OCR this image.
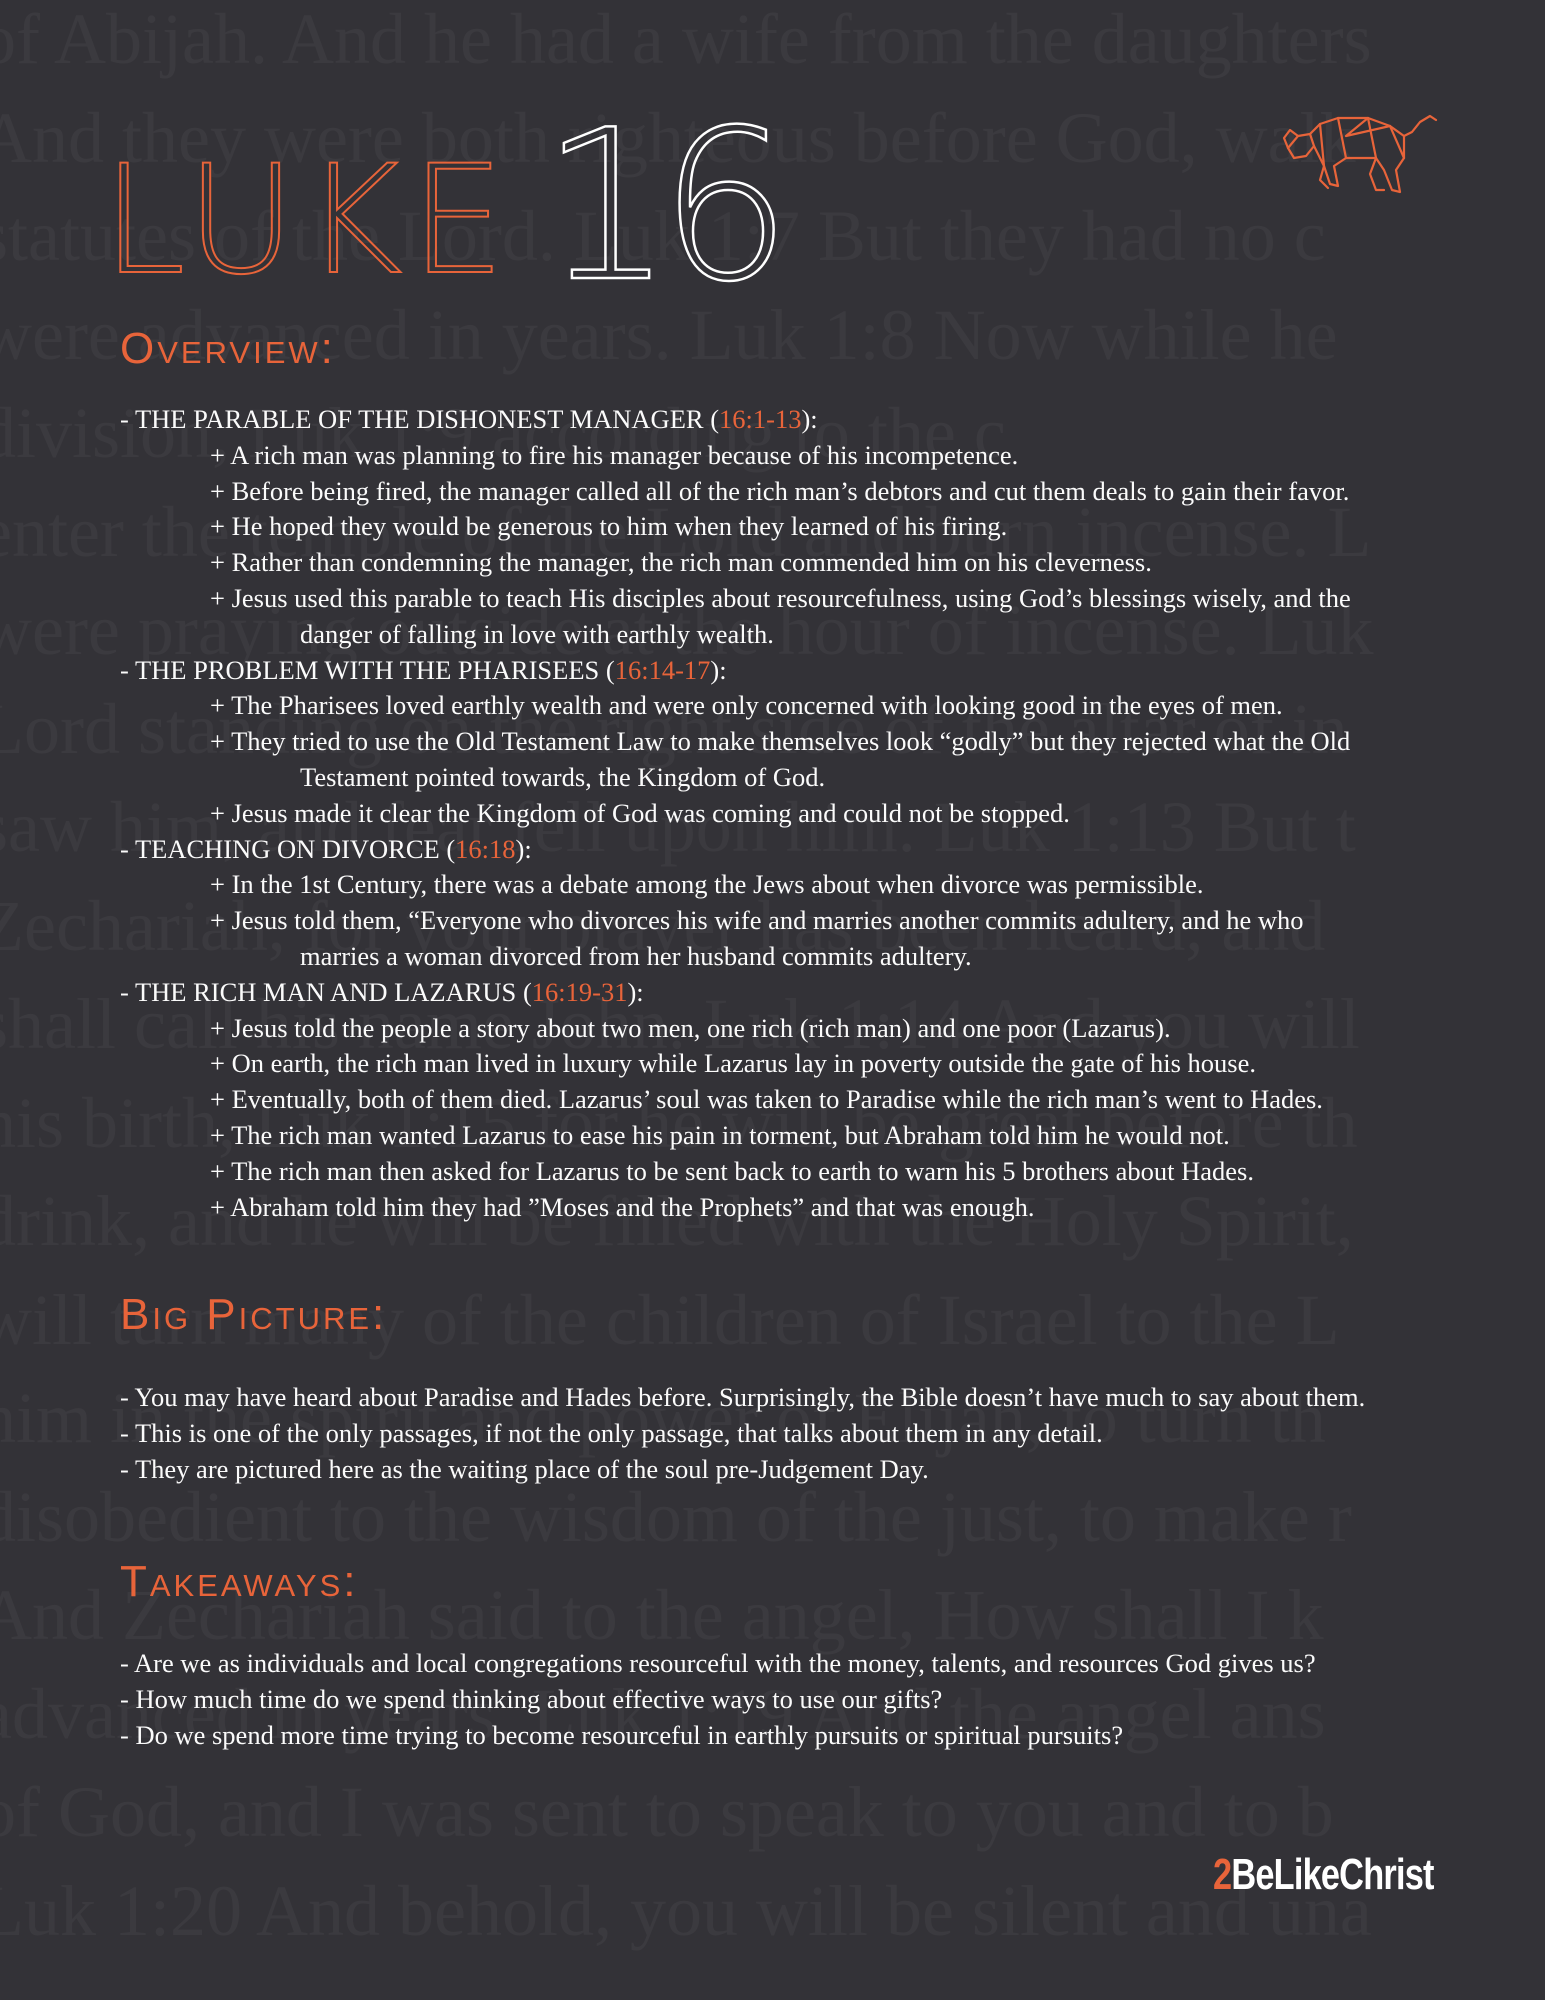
LUKE 16
Overview:
- THE PARABLE OF THE DISHONEST MANAGER (16:1-13):
+ A rich man was planning to fire his manager because of his incompetence.
+ Before being fired, the manager called all of the rich man’s debtors and cut them deals to gain their favor.
+ He hoped they would be generous to him when they learned of his firing.
+ Rather than condemning the manager, the rich man commended him on his cleverness.
+ Jesus used this parable to teach His disciples about resourcefulness, using God’s blessings wisely, and the
danger of falling in love with earthly wealth.
- THE PROBLEM WITH THE PHARISEES (16:14-17):
+ The Pharisees loved earthly wealth and were only concerned with looking good in the eyes of men.
+ They tried to use the Old Testament Law to make themselves look “godly” but they rejected what the Old
Testament pointed towards, the Kingdom of God.
+ Jesus made it clear the Kingdom of God was coming and could not be stopped.
- TEACHING ON DIVORCE (16:18):
+ In the 1st Century, there was a debate among the Jews about when divorce was permissible.
+ Jesus told them, “Everyone who divorces his wife and marries another commits adultery, and he who
marries a woman divorced from her husband commits adultery.
- THE RICH MAN AND LAZARUS (16:19-31):
+ Jesus told the people a story about two men, one rich (rich man) and one poor (Lazarus).
+ On earth, the rich man lived in luxury while Lazarus lay in poverty outside the gate of his house.
+ Eventually, both of them died. Lazarus’ soul was taken to Paradise while the rich man’s went to Hades.
+ The rich man wanted Lazarus to ease his pain in torment, but Abraham told him he would not.
+ The rich man then asked for Lazarus to be sent back to earth to warn his 5 brothers about Hades.
+ Abraham told him they had ”Moses and the Prophets” and that was enough.
Big Picture:
- You may have heard about Paradise and Hades before. Surprisingly, the Bible doesn’t have much to say about them.
- This is one of the only passages, if not the only passage, that talks about them in any detail.
- They are pictured here as the waiting place of the soul pre-Judgement Day.
Takeaways:
- Are we as individuals and local congregations resourceful with the money, talents, and resources God gives us?
- How much time do we spend thinking about effective ways to use our gifts?
- Do we spend more time trying to become resourceful in earthly pursuits or spiritual pursuits?
2BeLikeChrist
